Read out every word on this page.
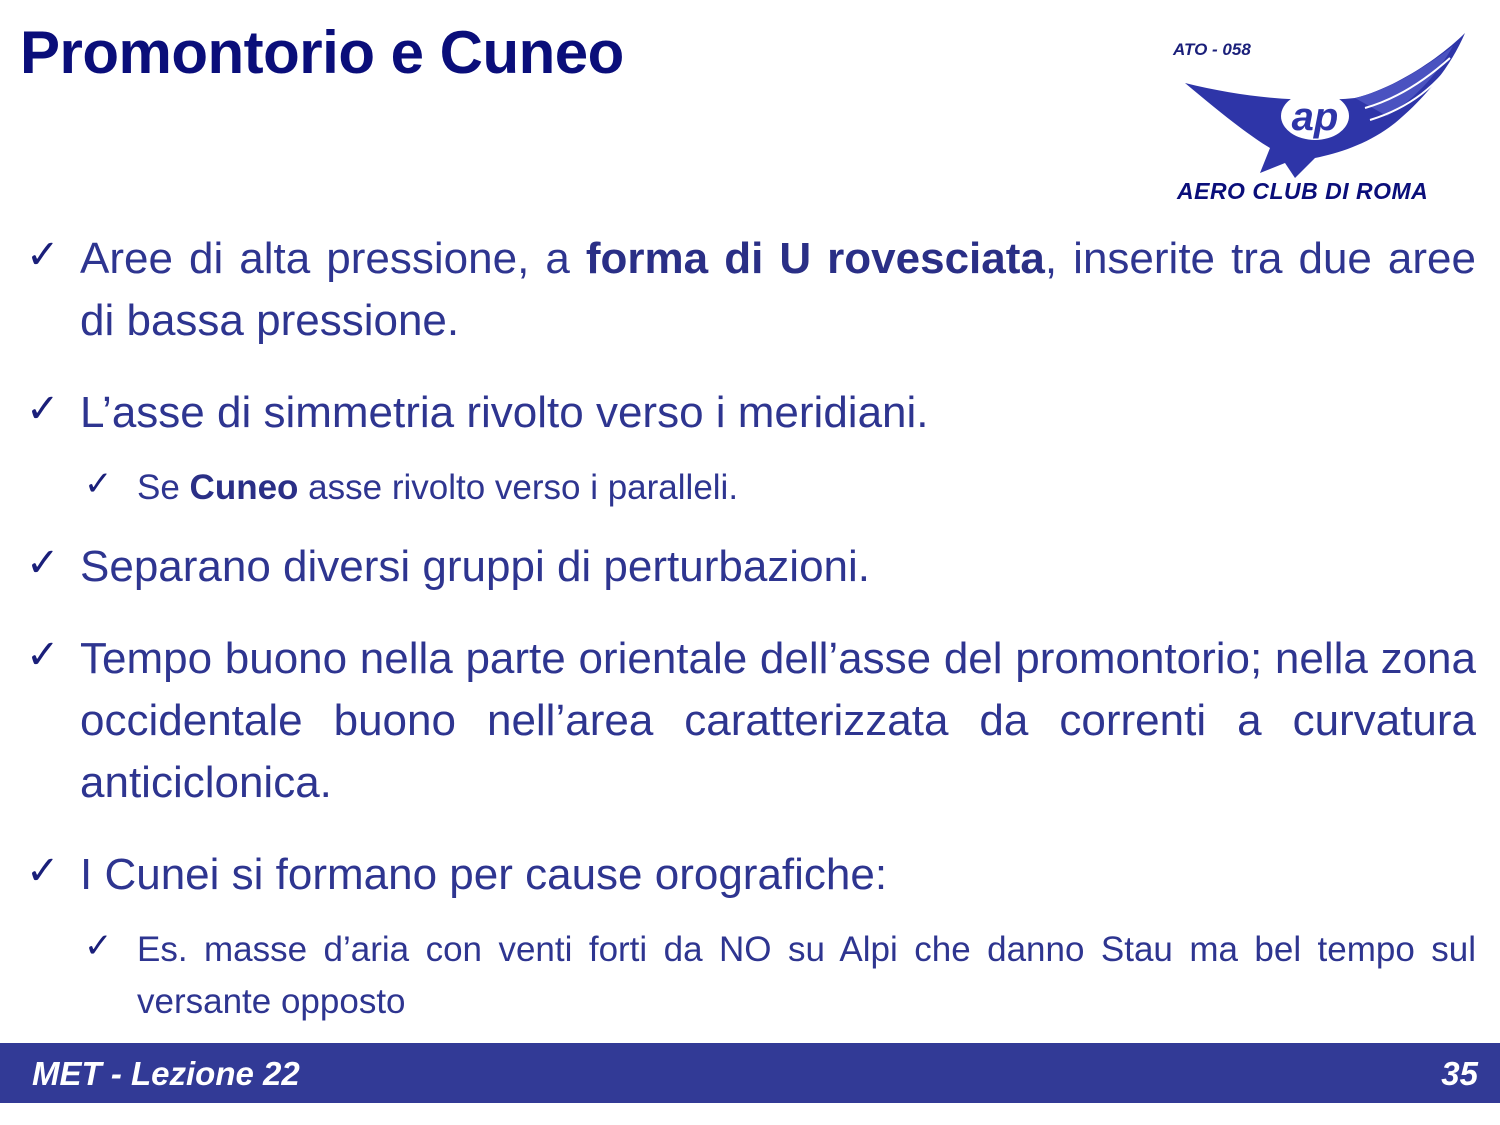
Promontorio e Cuneo
ap
ATO - 058
AERO CLUB DI ROMA
✓ Aree di alta pressione, a forma di U rovesciata, inserite tra due aree di bassa pressione.
✓ L’asse di simmetria rivolto verso i meridiani.
✓ Se Cuneo asse rivolto verso i paralleli.
✓ Separano diversi gruppi di perturbazioni.
✓ Tempo buono nella parte orientale dell’asse del promontorio; nella zona occidentale buono nell’area caratterizzata da correnti a curvatura anticiclonica.
✓ I Cunei si formano per cause orografiche:
✓ Es. masse d’aria con venti forti da NO su Alpi che danno Stau ma bel tempo sul versante opposto
MET - Lezione 22	35
